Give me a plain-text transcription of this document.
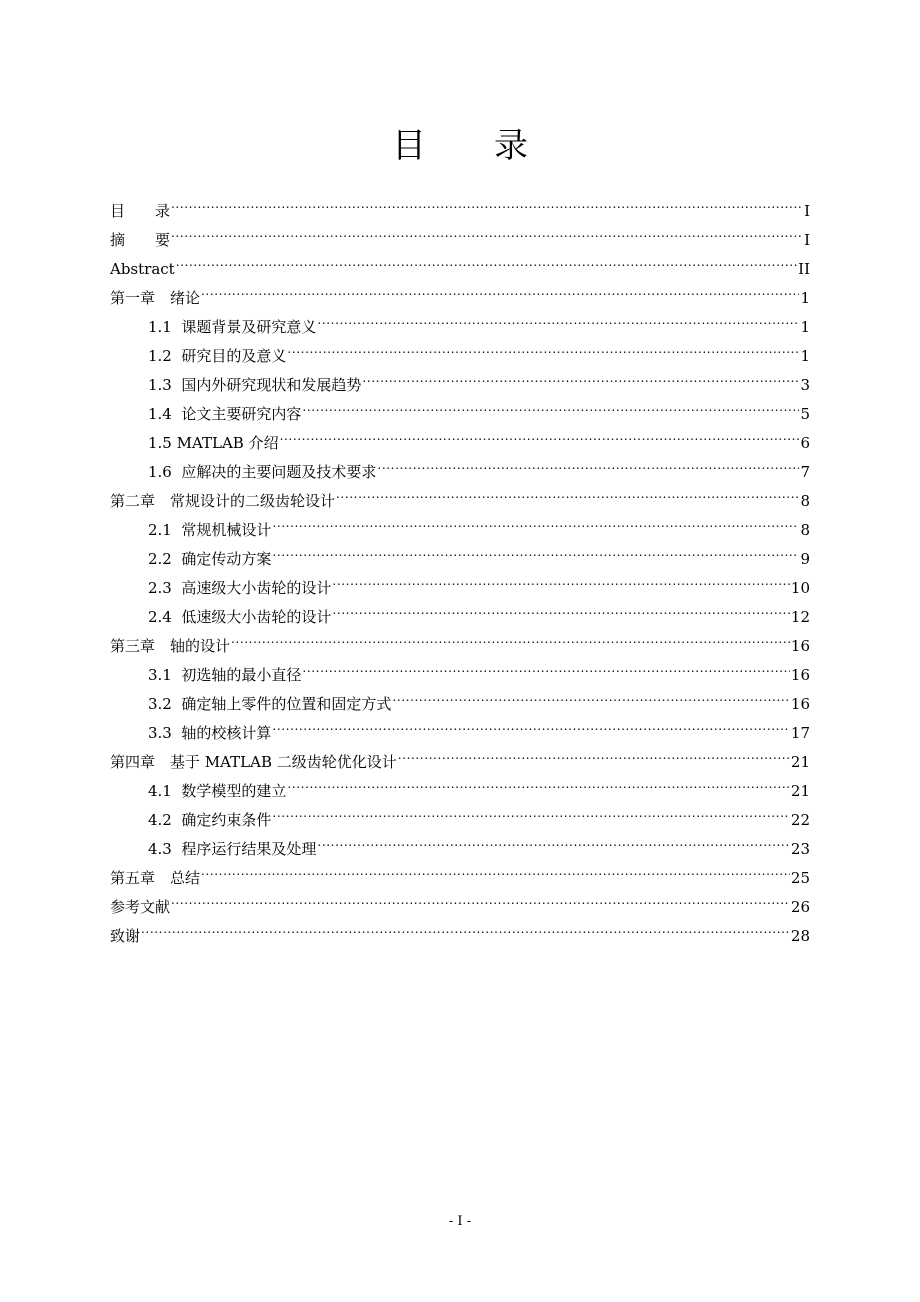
目　　录
目　　录 .....	I
摘　　要 .....	I
Abstract .....	II
第一章　绪论 .....	1
1.1  课题背景及研究意义 .....	1
1.2  研究目的及意义 .....	1
1.3  国内外研究现状和发展趋势 .....	3
1.4  论文主要研究内容 .....	5
1.5 MATLAB 介绍 .....	6
1.6  应解决的主要问题及技术要求 .....	7
第二章　常规设计的二级齿轮设计 .....	8
2.1  常规机械设计 .....	8
2.2  确定传动方案 .....	9
2.3  高速级大小齿轮的设计 .....	10
2.4  低速级大小齿轮的设计 .....	12
第三章　轴的设计 .....	16
3.1  初选轴的最小直径 .....	16
3.2  确定轴上零件的位置和固定方式 .....	16
3.3  轴的校核计算 .....	17
第四章　基于 MATLAB 二级齿轮优化设计 .....	21
4.1  数学模型的建立 .....	21
4.2  确定约束条件 .....	22
4.3  程序运行结果及处理 .....	23
第五章　总结 .....	25
参考文献 .....	26
致谢 .....	28
- I -
